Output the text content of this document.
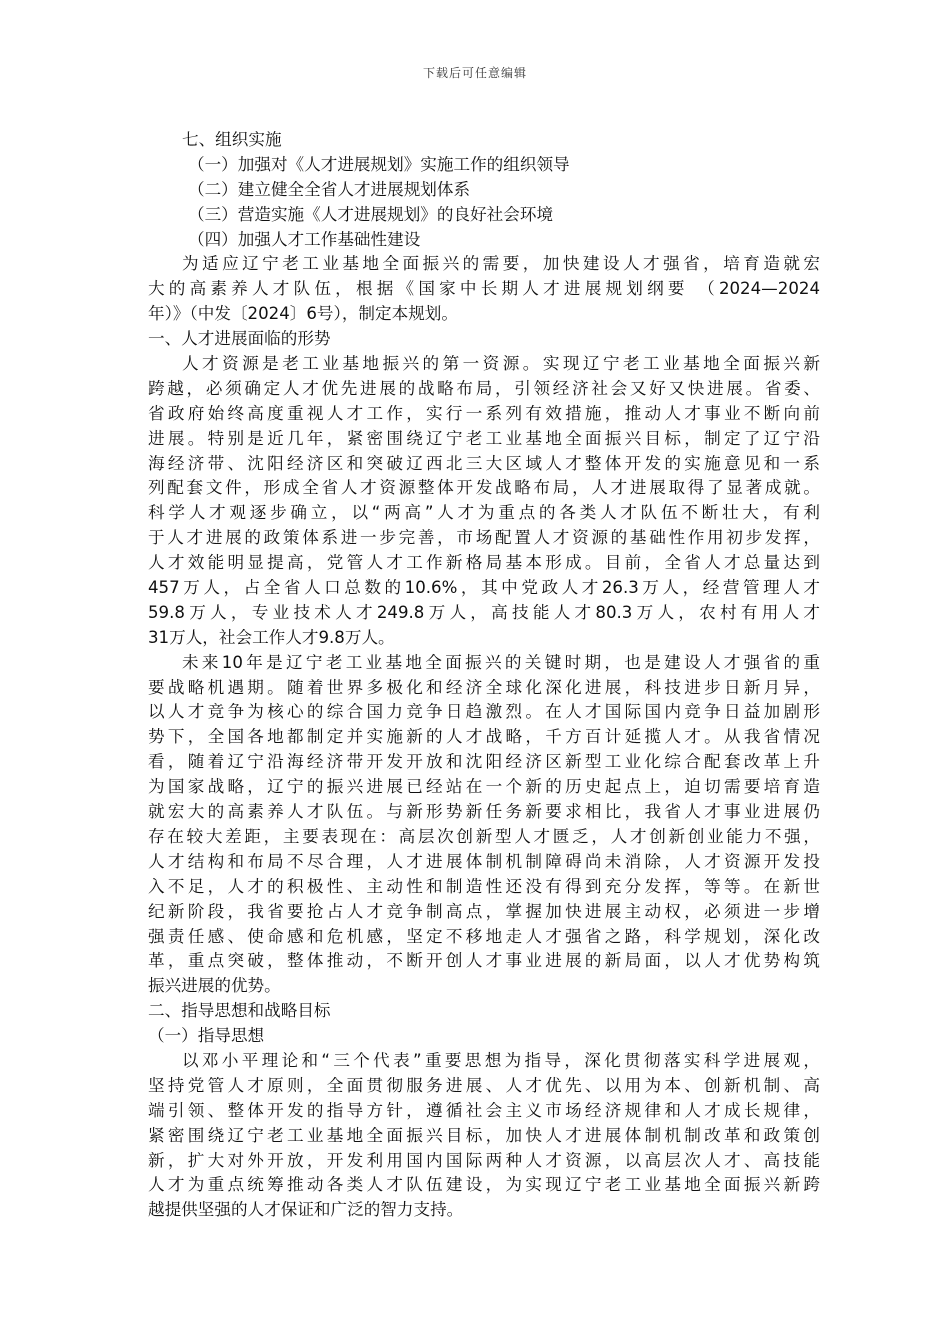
下载后可任意编辑

七、组织实施

（一）加强对《人才进展规划》实施工作的组织领导

（二）建立健全全省人才进展规划体系

（三）营造实施《人才进展规划》的良好社会环境

（四）加强人才工作基础性建设

为适应辽宁老工业基地全面振兴的需要，加快建设人才强省，培育造就宏

大的高素养人才队伍，根据《国家中长期人才进展规划纲要 （2024—2024

年）》（中发〔2024〕6号），制定本规划。

一、人才进展面临的形势

人才资源是老工业基地振兴的第一资源。实现辽宁老工业基地全面振兴新

跨越，必须确定人才优先进展的战略布局，引领经济社会又好又快进展。省委、

省政府始终高度重视人才工作，实行一系列有效措施，推动人才事业不断向前

进展。特别是近几年，紧密围绕辽宁老工业基地全面振兴目标，制定了辽宁沿

海经济带、沈阳经济区和突破辽西北三大区域人才整体开发的实施意见和一系

列配套文件，形成全省人才资源整体开发战略布局，人才进展取得了显著成就。

科学人才观逐步确立，以“两高”人才为重点的各类人才队伍不断壮大，有利

于人才进展的政策体系进一步完善，市场配置人才资源的基础性作用初步发挥，

人才效能明显提高，党管人才工作新格局基本形成。目前，全省人才总量达到

457万人，占全省人口总数的10.6%，其中党政人才26.3万人，经营管理人才

59.8万人，专业技术人才249.8万人，高技能人才80.3万人，农村有用人才

31万人，社会工作人才9.8万人。

未来10年是辽宁老工业基地全面振兴的关键时期，也是建设人才强省的重

要战略机遇期。随着世界多极化和经济全球化深化进展，科技进步日新月异，

以人才竞争为核心的综合国力竞争日趋激烈。在人才国际国内竞争日益加剧形

势下，全国各地都制定并实施新的人才战略，千方百计延揽人才。从我省情况

看，随着辽宁沿海经济带开发开放和沈阳经济区新型工业化综合配套改革上升

为国家战略，辽宁的振兴进展已经站在一个新的历史起点上，迫切需要培育造

就宏大的高素养人才队伍。与新形势新任务新要求相比，我省人才事业进展仍

存在较大差距，主要表现在：高层次创新型人才匮乏，人才创新创业能力不强，

人才结构和布局不尽合理，人才进展体制机制障碍尚未消除，人才资源开发投

入不足，人才的积极性、主动性和制造性还没有得到充分发挥，等等。在新世

纪新阶段，我省要抢占人才竞争制高点，掌握加快进展主动权，必须进一步增

强责任感、使命感和危机感，坚定不移地走人才强省之路，科学规划，深化改

革，重点突破，整体推动，不断开创人才事业进展的新局面，以人才优势构筑

振兴进展的优势。

二、指导思想和战略目标

（一）指导思想

以邓小平理论和“三个代表”重要思想为指导，深化贯彻落实科学进展观，

坚持党管人才原则，全面贯彻服务进展、人才优先、以用为本、创新机制、高

端引领、整体开发的指导方针，遵循社会主义市场经济规律和人才成长规律，

紧密围绕辽宁老工业基地全面振兴目标，加快人才进展体制机制改革和政策创

新，扩大对外开放，开发利用国内国际两种人才资源，以高层次人才、高技能

人才为重点统筹推动各类人才队伍建设，为实现辽宁老工业基地全面振兴新跨

越提供坚强的人才保证和广泛的智力支持。
